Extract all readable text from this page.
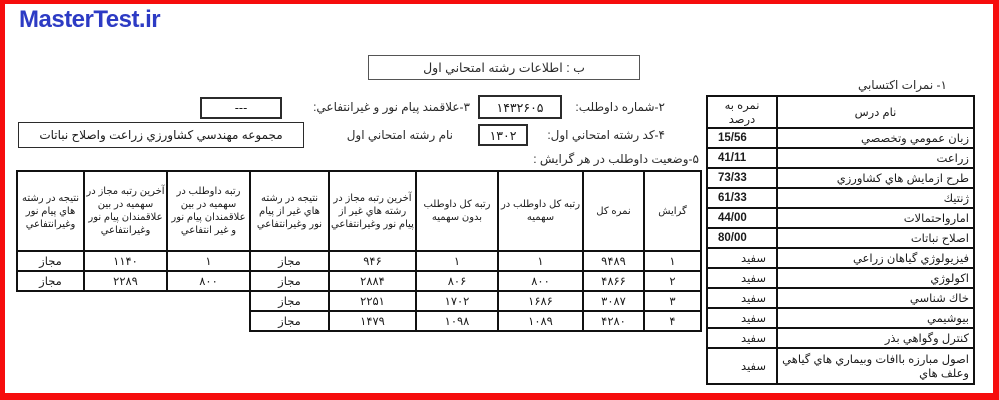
MasterTest.ir
ب : اطلاعات رشته امتحاني اول
۲-شماره داوطلب:
۱۴۳۲۶۰۵
۳-علاقمند پيام نور و غيرانتفاعي:
---
۴-كد رشته امتحاني اول:
۱۳۰۲
نام رشته امتحاني اول
مجموعه مهندسي كشاورزي زراعت واصلاح نباتات
۱- نمرات اكتسابي
نام درس	نمره به درصد
زبان عمومي وتخصصي	15/56
زراعت	41/11
طرح ازمايش هاي كشاورزي	73/33
ژنتيك	61/33
امارواحتمالات	44/00
اصلاح نباتات	80/00
فيزيولوژي گياهان زراعي	سفيد
اكولوژي	سفيد
خاك شناسي	سفيد
بيوشيمي	سفيد
كنترل وگواهي بذر	سفيد
اصول مبارزه باافات وبيماري هاي گياهي وعلف هاي	سفيد
۵-وضعيت داوطلب در هر گرايش :
گرايش	نمره كل	رتبه كل داوطلب در سهميه	رتبه كل داوطلب بدون سهميه	آخرين رتبه مجاز در رشته هاي غير از پيام نور وغيرانتفاعي	نتيجه در رشته هاي غير از پيام نور وغيرانتفاعي	رتبه داوطلب در سهميه در بين علاقمندان پيام نور و غير انتفاعي	آخرين رتبه مجاز در سهميه در بين علاقمندان پيام نور وغيرانتفاعي	نتيجه در رشته هاي پيام نور وغيرانتفاعي
۱	۹۴۸۹	۱	۱	۹۴۶	مجاز	۱	۱۱۴۰	مجاز
۲	۴۸۶۶	۸۰۰	۸۰۶	۲۸۸۴	مجاز	۸۰۰	۲۲۸۹	مجاز
۳	۳۰۸۷	۱۶۸۶	۱۷۰۲	۲۲۵۱	مجاز			
۴	۴۲۸۰	۱۰۸۹	۱۰۹۸	۱۴۷۹	مجاز			
